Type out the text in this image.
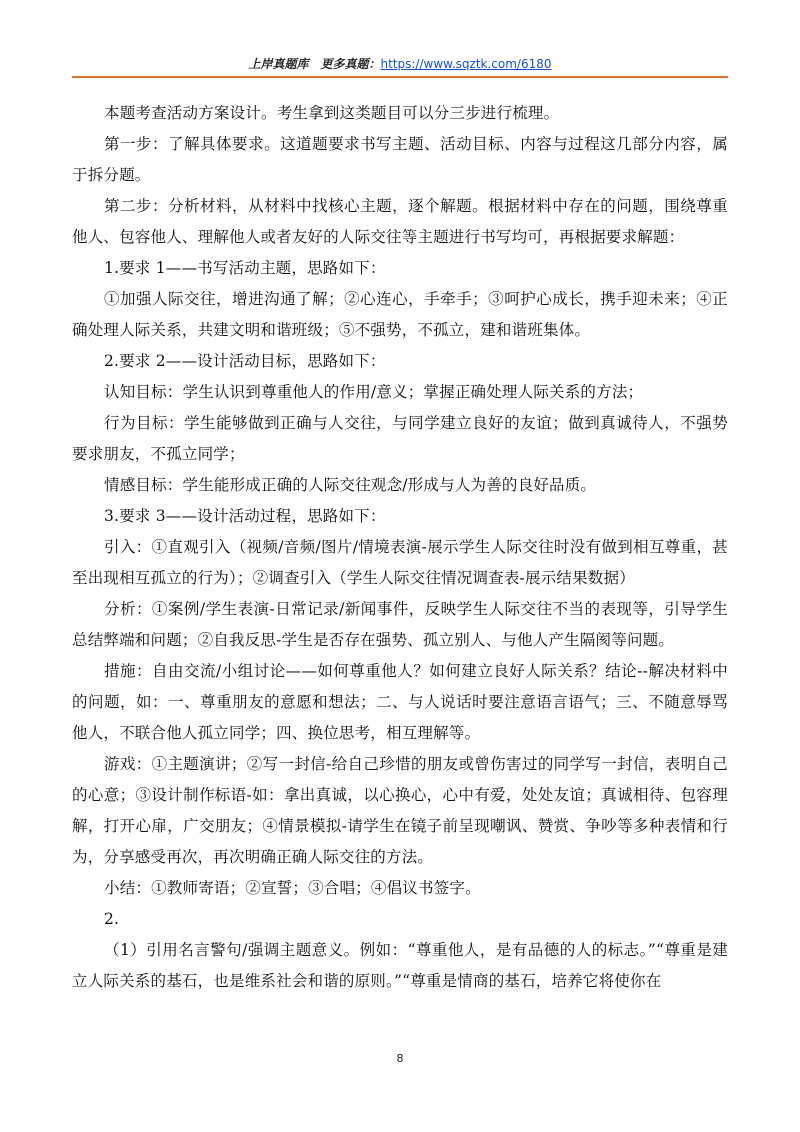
上岸真题库　更多真题：https://www.sqztk.com/6180

本题考查活动方案设计。考生拿到这类题目可以分三步进行梳理。

第一步：了解具体要求。这道题要求书写主题、活动目标、内容与过程这几部分内容，属于拆分题。

第二步：分析材料，从材料中找核心主题，逐个解题。根据材料中存在的问题，围绕尊重他人、包容他人、理解他人或者友好的人际交往等主题进行书写均可，再根据要求解题：

1.要求 1——书写活动主题，思路如下：

①加强人际交往，增进沟通了解；②心连心，手牵手；③呵护心成长，携手迎未来；④正确处理人际关系，共建文明和谐班级；⑤不强势，不孤立，建和谐班集体。

2.要求 2——设计活动目标，思路如下：

认知目标：学生认识到尊重他人的作用/意义；掌握正确处理人际关系的方法；

行为目标：学生能够做到正确与人交往，与同学建立良好的友谊；做到真诚待人，不强势要求朋友，不孤立同学；

情感目标：学生能形成正确的人际交往观念/形成与人为善的良好品质。

3.要求 3——设计活动过程，思路如下：

引入：①直观引入（视频/音频/图片/情境表演-展示学生人际交往时没有做到相互尊重，甚至出现相互孤立的行为）；②调查引入（学生人际交往情况调查表-展示结果数据）

分析：①案例/学生表演-日常记录/新闻事件，反映学生人际交往不当的表现等，引导学生总结弊端和问题；②自我反思-学生是否存在强势、孤立别人、与他人产生隔阂等问题。

措施：自由交流/小组讨论——如何尊重他人？如何建立良好人际关系？结论--解决材料中的问题，如：一、尊重朋友的意愿和想法；二、与人说话时要注意语言语气；三、不随意辱骂他人，不联合他人孤立同学；四、换位思考，相互理解等。

游戏：①主题演讲；②写一封信-给自己珍惜的朋友或曾伤害过的同学写一封信，表明自己的心意；③设计制作标语-如：拿出真诚，以心换心，心中有爱，处处友谊；真诚相待、包容理解，打开心扉，广交朋友；④情景模拟-请学生在镜子前呈现嘲讽、赞赏、争吵等多种表情和行为，分享感受再次，再次明确正确人际交往的方法。

小结：①教师寄语；②宣誓；③合唱；④倡议书签字。

2.

（1）引用名言警句/强调主题意义。例如：“尊重他人，是有品德的人的标志。”“尊重是建立人际关系的基石，也是维系社会和谐的原则。”“尊重是情商的基石，培养它将使你在

8
